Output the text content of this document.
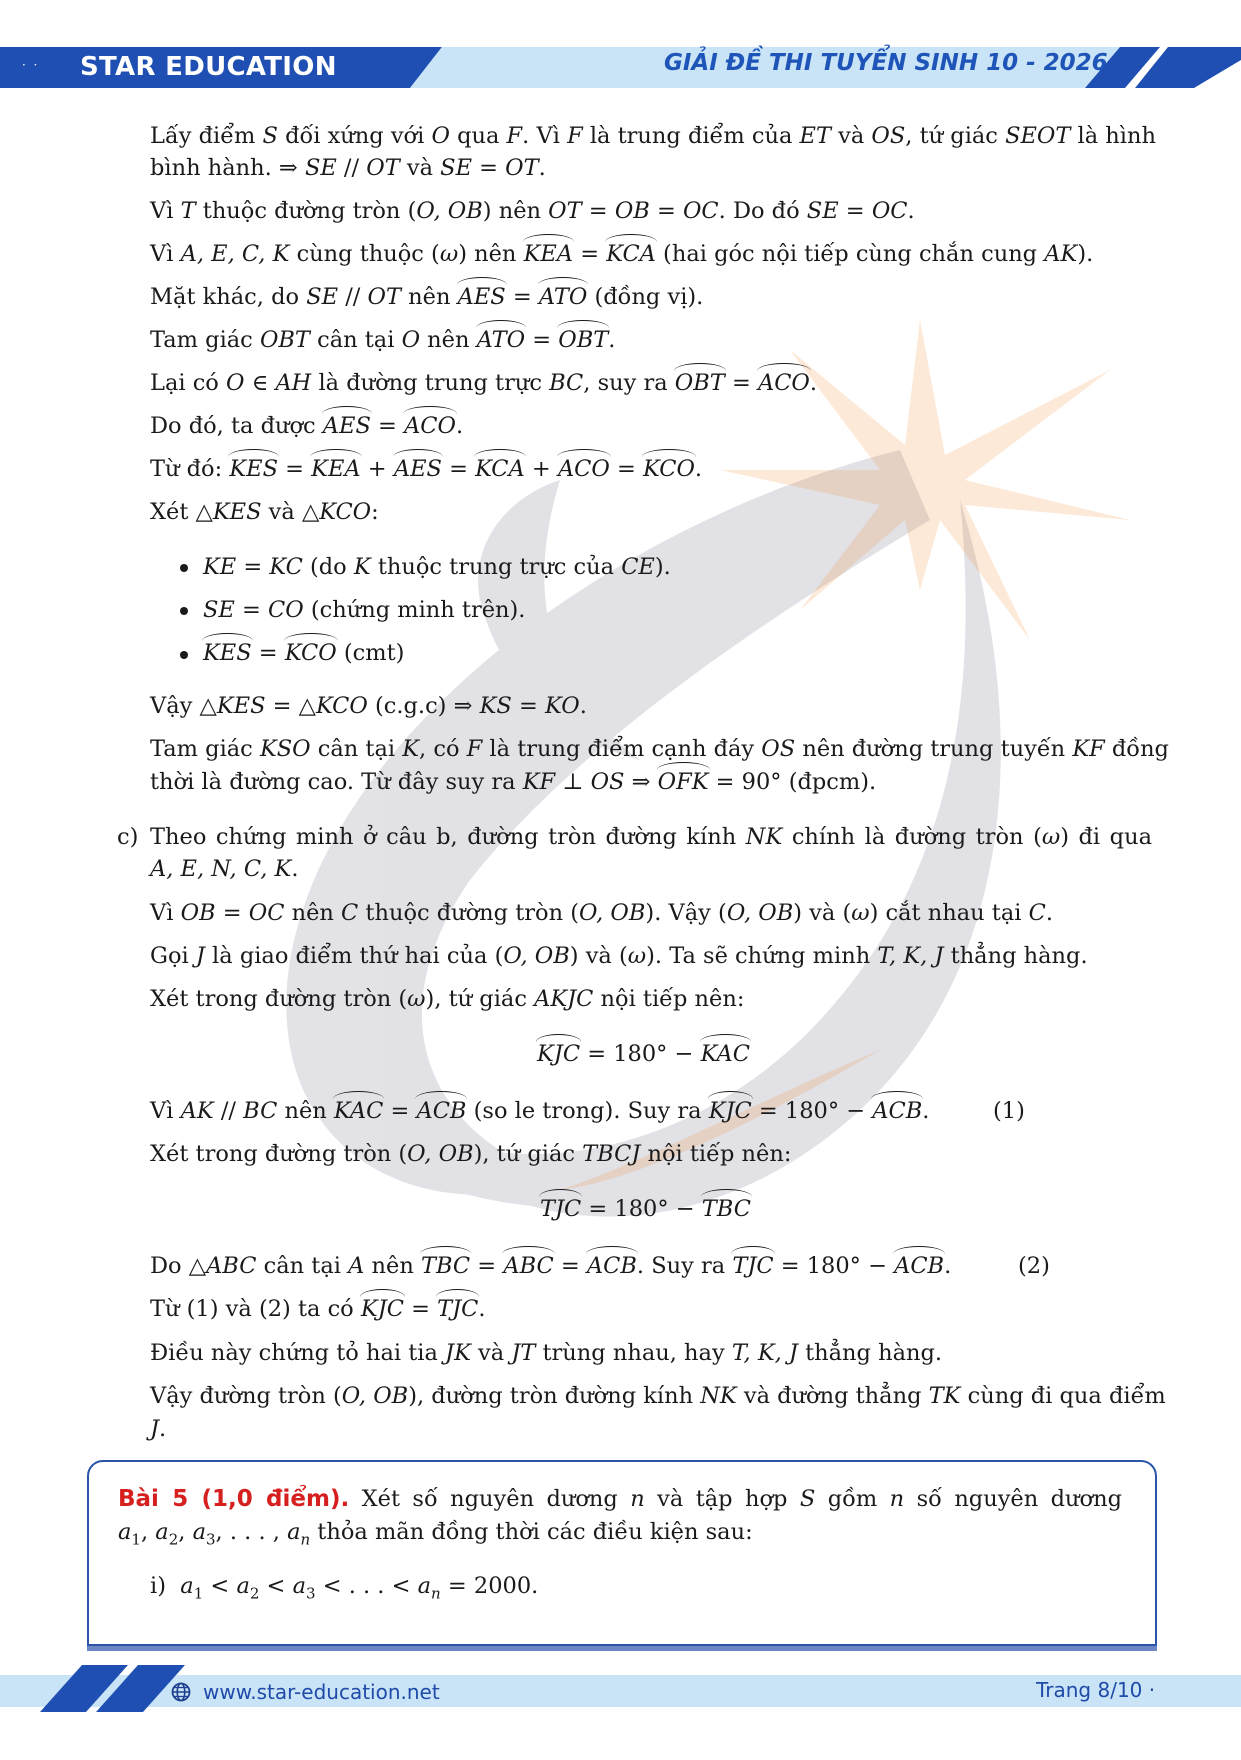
·  · STAR EDUCATION	GIẢI ĐỀ THI TUYỂN SINH 10 - 2026
Lấy điểm S đối xứng với O qua F. Vì F là trung điểm của ET và OS, tứ giác SEOT là hình
bình hành. ⇒ SE // OT và SE = OT.
Vì T thuộc đường tròn (O, OB) nên OT = OB = OC. Do đó SE = OC.
Vì A, E, C, K cùng thuộc (ω) nên KEA = KCA (hai góc nội tiếp cùng chắn cung AK).
Mặt khác, do SE // OT nên AES = ATO (đồng vị).
Tam giác OBT cân tại O nên ATO = OBT.
Lại có O ∈ AH là đường trung trực BC, suy ra OBT = ACO.
Do đó, ta được AES = ACO.
Từ đó: KES = KEA + AES = KCA + ACO = KCO.
Xét △KES và △KCO:
KE = KC (do K thuộc trung trực của CE).
SE = CO (chứng minh trên).
KES = KCO (cmt)
Vậy △KES = △KCO (c.g.c) ⇒ KS = KO.
Tam giác KSO cân tại K, có F là trung điểm cạnh đáy OS nên đường trung tuyến KF đồng
thời là đường cao. Từ đây suy ra KF ⊥ OS ⇒ OFK = 90° (đpcm).
c) Theo chứng minh ở câu b, đường tròn đường kính NK chính là đường tròn (ω) đi qua
A, E, N, C, K.
Vì OB = OC nên C thuộc đường tròn (O, OB). Vậy (O, OB) và (ω) cắt nhau tại C.
Gọi J là giao điểm thứ hai của (O, OB) và (ω). Ta sẽ chứng minh T, K, J thẳng hàng.
Xét trong đường tròn (ω), tứ giác AKJC nội tiếp nên:
KJC = 180° − KAC
Vì AK // BC nên KAC = ACB (so le trong). Suy ra KJC = 180° − ACB.	(1)
Xét trong đường tròn (O, OB), tứ giác TBCJ nội tiếp nên:
TJC = 180° − TBC
Do △ABC cân tại A nên TBC = ABC = ACB. Suy ra TJC = 180° − ACB.	(2)
Từ (1) và (2) ta có KJC = TJC.
Điều này chứng tỏ hai tia JK và JT trùng nhau, hay T, K, J thẳng hàng.
Vậy đường tròn (O, OB), đường tròn đường kính NK và đường thẳng TK cùng đi qua điểm
J.
Bài 5 (1,0 điểm). Xét số nguyên dương n và tập hợp S gồm n số nguyên dương
$a_1$, $a_2$, $a_3$, . . . , $a_n$ thỏa mãn đồng thời các điều kiện sau:
i) $a_1 < a_2 < a_3$ < . . . < $a_n = 2000$.
www.star-education.net	Trang 8/10 ·
